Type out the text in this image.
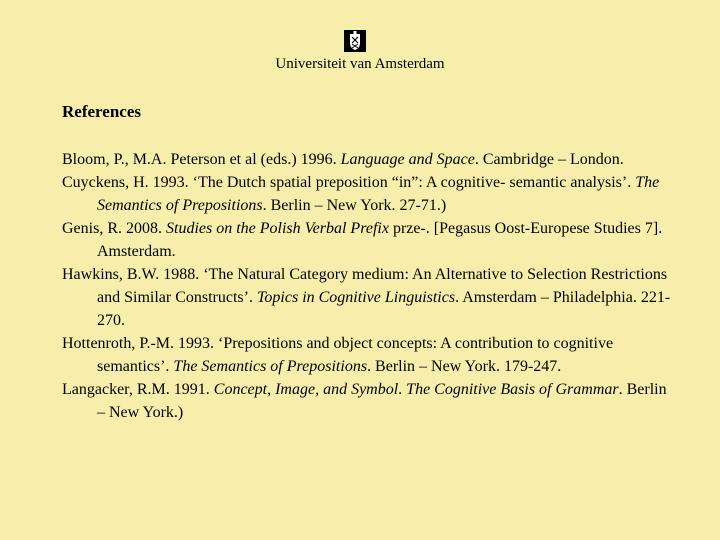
Universiteit van Amsterdam
References
Bloom, P., M.A. Peterson et al (eds.) 1996. Language and Space. Cambridge – London.
Cuyckens, H. 1993. ‘The Dutch spatial preposition “in”: A cognitive- semantic analysis’. The Semantics of Prepositions. Berlin – New York. 27-71.)
Genis, R. 2008. Studies on the Polish Verbal Prefix prze-. [Pegasus Oost-Europese Studies 7]. Amsterdam.
Hawkins, B.W. 1988. ‘The Natural Category medium: An Alternative to Selection Restrictions and Similar Constructs’. Topics in Cognitive Linguistics. Amsterdam – Philadelphia. 221-270.
Hottenroth, P.-M. 1993. ‘Prepositions and object concepts: A contribution to cognitive semantics’. The Semantics of Prepositions. Berlin – New York. 179-247.
Langacker, R.M. 1991. Concept, Image, and Symbol. The Cognitive Basis of Grammar. Berlin – New York.)
